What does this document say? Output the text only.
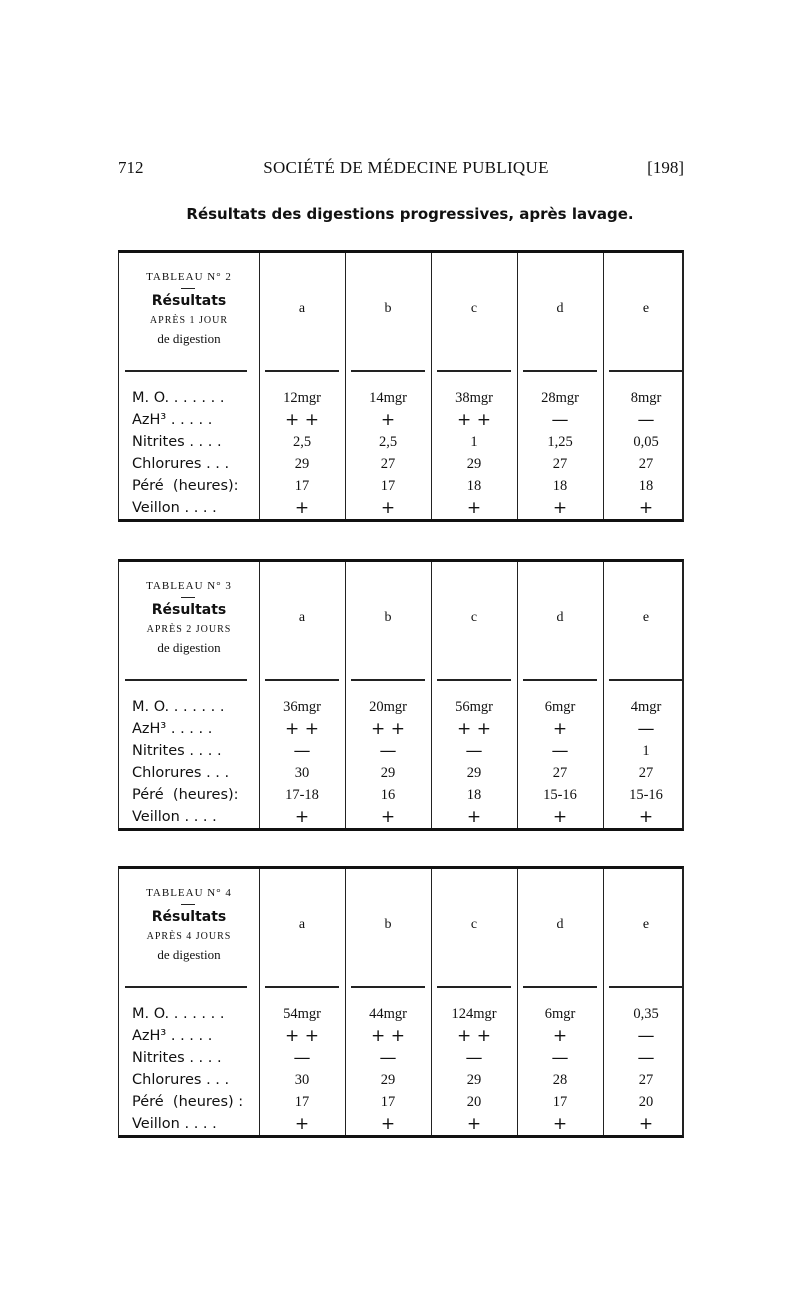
712	SOCIÉTÉ DE MÉDECINE PUBLIQUE	[198]
Résultats des digestions progressives, après lavage.
TABLEAU N° 2
Résultats
APRÈS 1 JOUR
de digestion
a	b	c	d	e
M. O. . . . . . .	12mgr	14mgr	38mgr	28mgr	8mgr
AzH³ . . . . .	+ +	+	+ +	—	—
Nitrites . . . .	2,5	2,5	1	1,25	0,05
Chlorures . . .	29	27	29	27	27
Péré  (heures):	17	17	18	18	18
Veillon . . . .	+	+	+	+	+
TABLEAU N° 3
Résultats
APRÈS 2 JOURS
de digestion
a	b	c	d	e
M. O. . . . . . .	36mgr	20mgr	56mgr	6mgr	4mgr
AzH³ . . . . .	+ +	+ +	+ +	+	—
Nitrites . . . .	—	—	—	—	1
Chlorures . . .	30	29	29	27	27
Péré  (heures):	17-18	16	18	15-16	15-16
Veillon . . . .	+	+	+	+	+
TABLEAU N° 4
Résultats
APRÈS 4 JOURS
de digestion
a	b	c	d	e
M. O. . . . . . .	54mgr	44mgr	124mgr	6mgr	0,35
AzH³ . . . . .	+ +	+ +	+ +	+	—
Nitrites . . . .	—	—	—	—	—
Chlorures . . .	30	29	29	28	27
Péré  (heures) :	17	17	20	17	20
Veillon . . . .	+	+	+	+	+
